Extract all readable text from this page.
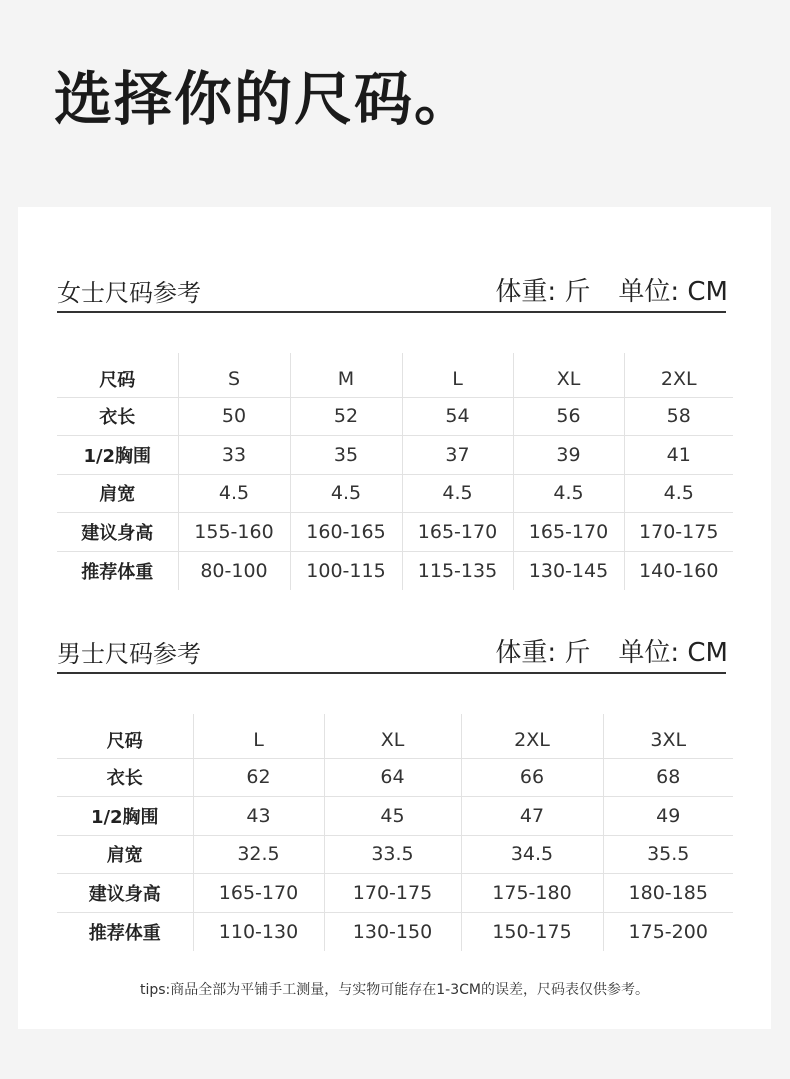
选择你的尺码。
女士尺码参考	体重: 斤 单位: CM
尺码	S	M	L	XL	2XL
衣长	50	52	54	56	58
1/2胸围	33	35	37	39	41
肩宽	4.5	4.5	4.5	4.5	4.5
建议身高	155-160	160-165	165-170	165-170	170-175
推荐体重	80-100	100-115	115-135	130-145	140-160
男士尺码参考	体重: 斤 单位: CM
尺码	L	XL	2XL	3XL
衣长	62	64	66	68
1/2胸围	43	45	47	49
肩宽	32.5	33.5	34.5	35.5
建议身高	165-170	170-175	175-180	180-185
推荐体重	110-130	130-150	150-175	175-200
tips:商品全部为平铺手工测量，与实物可能存在1-3CM的误差，尺码表仅供参考。
